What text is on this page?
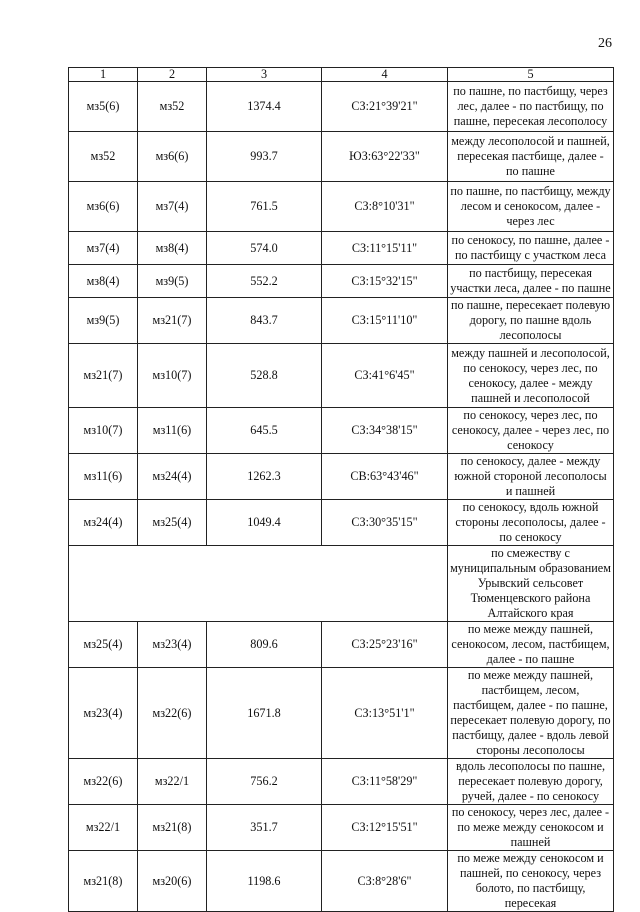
26
1	2	3	4	5
мз5(6)	мз52	1374.4	СЗ:21°39'21"	по пашне, по пастбищу, через лес, далее - по пастбищу, по пашне, пересекая лесополосу
мз52	мз6(6)	993.7	ЮЗ:63°22'33"	между лесополосой и пашней, пересекая пастбище, далее - по пашне
мз6(6)	мз7(4)	761.5	СЗ:8°10'31"	по пашне, по пастбищу, между лесом и сенокосом, далее - через лес
мз7(4)	мз8(4)	574.0	СЗ:11°15'11"	по сенокосу, по пашне, далее - по пастбищу с участком леса
мз8(4)	мз9(5)	552.2	СЗ:15°32'15"	по пастбищу, пересекая участки леса, далее - по пашне
мз9(5)	мз21(7)	843.7	СЗ:15°11'10"	по пашне, пересекает полевую дорогу, по пашне вдоль лесополосы
мз21(7)	мз10(7)	528.8	СЗ:41°6'45"	между пашней и лесополосой, по сенокосу, через лес, по сенокосу, далее - между пашней и лесополосой
мз10(7)	мз11(6)	645.5	СЗ:34°38'15"	по сенокосу, через лес, по сенокосу, далее - через лес, по сенокосу
мз11(6)	мз24(4)	1262.3	СВ:63°43'46"	по сенокосу, далее - между южной стороной лесополосы и пашней
мз24(4)	мз25(4)	1049.4	СЗ:30°35'15"	по сенокосу, вдоль южной стороны лесополосы, далее - по сенокосу
				по смежеству с муниципальным образованием Урывский сельсовет Тюменцевского района Алтайского края
мз25(4)	мз23(4)	809.6	СЗ:25°23'16"	по меже между пашней, сенокосом, лесом, пастбищем, далее - по пашне
мз23(4)	мз22(6)	1671.8	СЗ:13°51'1"	по меже между пашней, пастбищем, лесом, пастбищем, далее - по пашне, пересекает полевую дорогу, по пастбищу, далее - вдоль левой стороны лесополосы
мз22(6)	мз22/1	756.2	СЗ:11°58'29"	вдоль лесополосы по пашне, пересекает полевую дорогу, ручей, далее - по сенокосу
мз22/1	мз21(8)	351.7	СЗ:12°15'51"	по сенокосу, через лес, далее - по меже между сенокосом и пашней
мз21(8)	мз20(6)	1198.6	СЗ:8°28'6"	по меже между сенокосом и пашней, по сенокосу, через болото, по пастбищу, пересекая
